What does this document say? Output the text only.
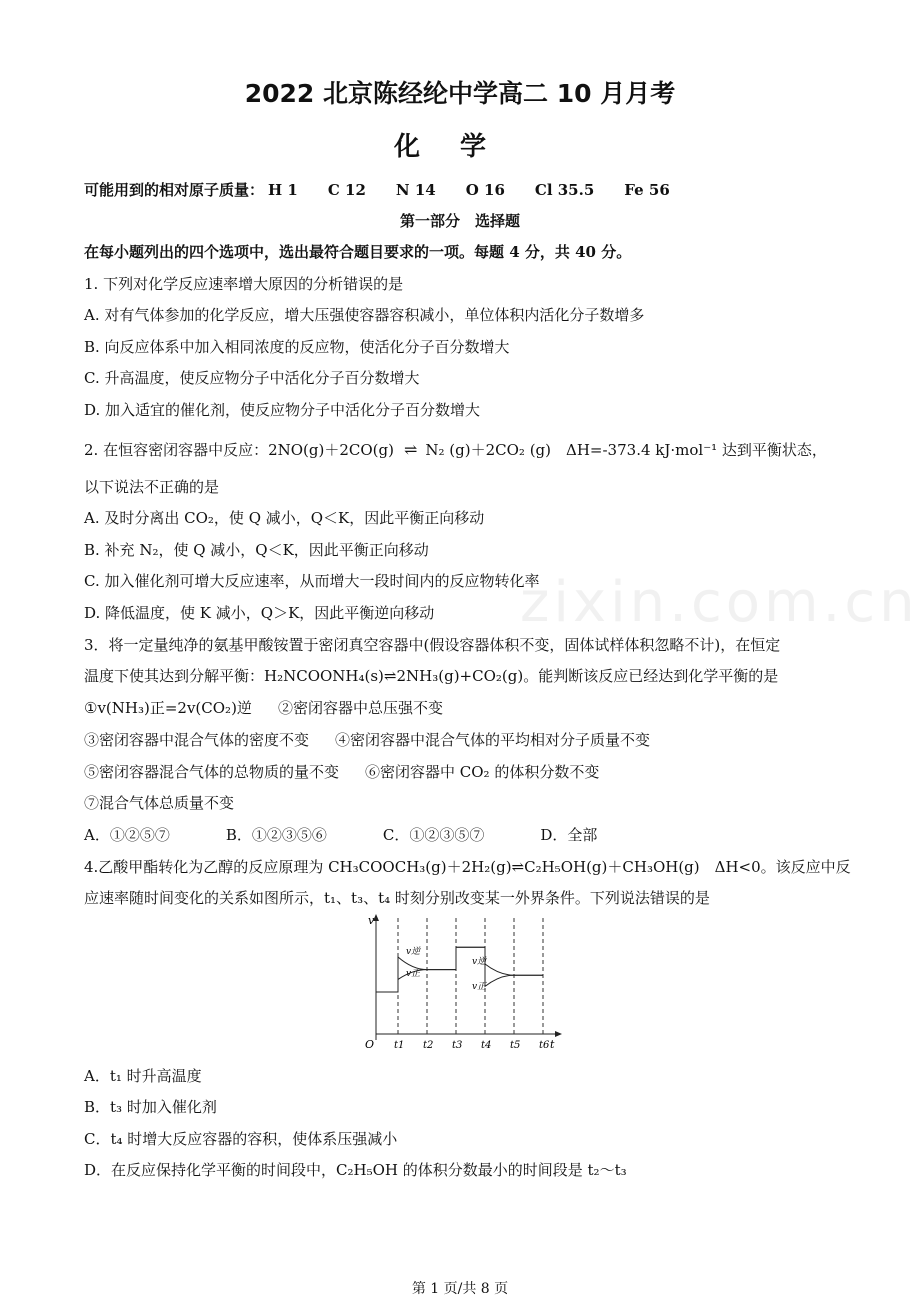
zixin.com.cn
2022 北京陈经纶中学高二 10 月月考
化学
可能用到的相对原子质量： H 1 C 12 N 14 O 16 Cl 35.5 Fe 56
第一部分　选择题
在每小题列出的四个选项中，选出最符合题目要求的一项。每题 4 分，共 40 分。
1. 下列对化学反应速率增大原因的分析错误的是
A. 对有气体参加的化学反应，增大压强使容器容积减小，单位体积内活化分子数增多
B. 向反应体系中加入相同浓度的反应物，使活化分子百分数增大
C. 升高温度，使反应物分子中活化分子百分数增大
D. 加入适宜的催化剂，使反应物分子中活化分子百分数增大
2. 在恒容密闭容器中反应：2NO(g)＋2CO(g) ⇌ N₂ (g)＋2CO₂ (g)　ΔH=-373.4 kJ·mol⁻¹ 达到平衡状态，
以下说法不正确的是
A. 及时分离出 CO₂，使 Q 减小，Q＜K，因此平衡正向移动
B. 补充 N₂，使 Q 减小，Q＜K，因此平衡正向移动
C. 加入催化剂可增大反应速率，从而增大一段时间内的反应物转化率
D. 降低温度，使 K 减小，Q＞K，因此平衡逆向移动
3．将一定量纯净的氨基甲酸铵置于密闭真空容器中(假设容器体积不变，固体试样体积忽略不计)，在恒定
温度下使其达到分解平衡：H₂NCOONH₄(s)⇌2NH₃(g)+CO₂(g)。能判断该反应已经达到化学平衡的是
①v(NH₃)正=2v(CO₂)逆 ②密闭容器中总压强不变
③密闭容器中混合气体的密度不变 ④密闭容器中混合气体的平均相对分子质量不变
⑤密闭容器混合气体的总物质的量不变 ⑥密闭容器中 CO₂ 的体积分数不变
⑦混合气体总质量不变
A．①②⑤⑦	B．①②③⑤⑥	C．①②③⑤⑦	D．全部
4.乙酸甲酯转化为乙醇的反应原理为 CH₃COOCH₃(g)＋2H₂(g)⇌C₂H₅OH(g)＋CH₃OH(g)　ΔH<0。该反应中反
应速率随时间变化的关系如图所示，t₁、t₃、t₄ 时刻分别改变某一外界条件。下列说法错误的是
v
t
O t1 t2 t3 t4 t5 t6
v逆
v正
v逆
v正
A．t₁ 时升高温度
B．t₃ 时加入催化剂
C．t₄ 时增大反应容器的容积，使体系压强减小
D．在反应保持化学平衡的时间段中，C₂H₅OH 的体积分数最小的时间段是 t₂～t₃
第 1 页/共 8 页
